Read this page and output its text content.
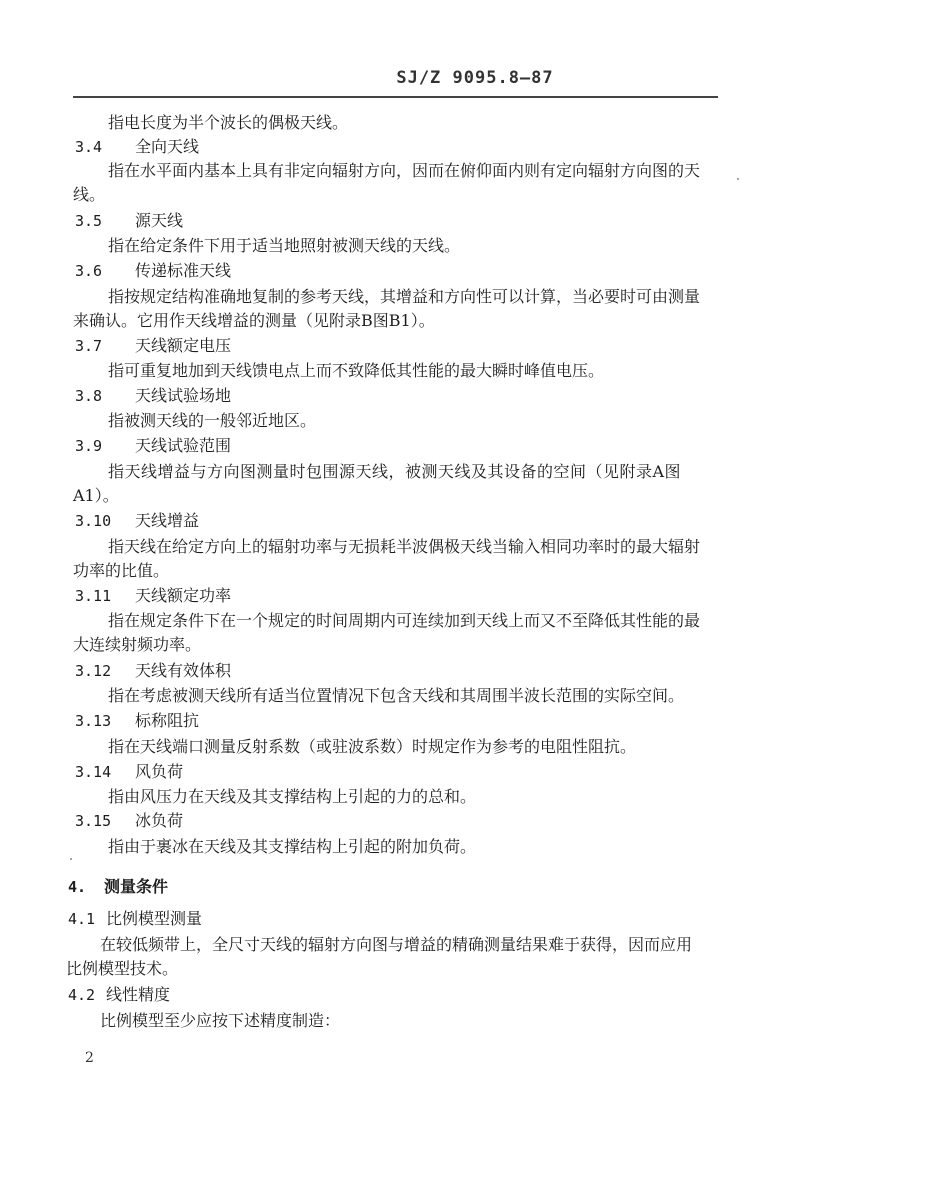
SJ/Z 9095.8—87
指电长度为半个波长的偶极天线。
3.4 全向天线
指在水平面内基本上具有非定向辐射方向，因而在俯仰面内则有定向辐射方向图的天
线。
3.5 源天线
指在给定条件下用于适当地照射被测天线的天线。
3.6 传递标准天线
指按规定结构准确地复制的参考天线，其增益和方向性可以计算，当必要时可由测量
来确认。它用作天线增益的测量（见附录B图B1）。
3.7 天线额定电压
指可重复地加到天线馈电点上而不致降低其性能的最大瞬时峰值电压。
3.8 天线试验场地
指被测天线的一般邻近地区。
3.9 天线试验范围
指天线增益与方向图测量时包围源天线，被测天线及其设备的空间（见附录A图
A1）。
3.10 天线增益
指天线在给定方向上的辐射功率与无损耗半波偶极天线当输入相同功率时的最大辐射
功率的比值。
3.11 天线额定功率
指在规定条件下在一个规定的时间周期内可连续加到天线上而又不至降低其性能的最
大连续射频功率。
3.12 天线有效体积
指在考虑被测天线所有适当位置情况下包含天线和其周围半波长范围的实际空间。
3.13 标称阻抗
指在天线端口测量反射系数（或驻波系数）时规定作为参考的电阻性阻抗。
3.14 风负荷
指由风压力在天线及其支撑结构上引起的力的总和。
3.15 冰负荷
指由于裹冰在天线及其支撑结构上引起的附加负荷。
4. 测量条件
4.1 比例模型测量
在较低频带上，全尺寸天线的辐射方向图与增益的精确测量结果难于获得，因而应用
比例模型技术。
4.2 线性精度
比例模型至少应按下述精度制造：
2
